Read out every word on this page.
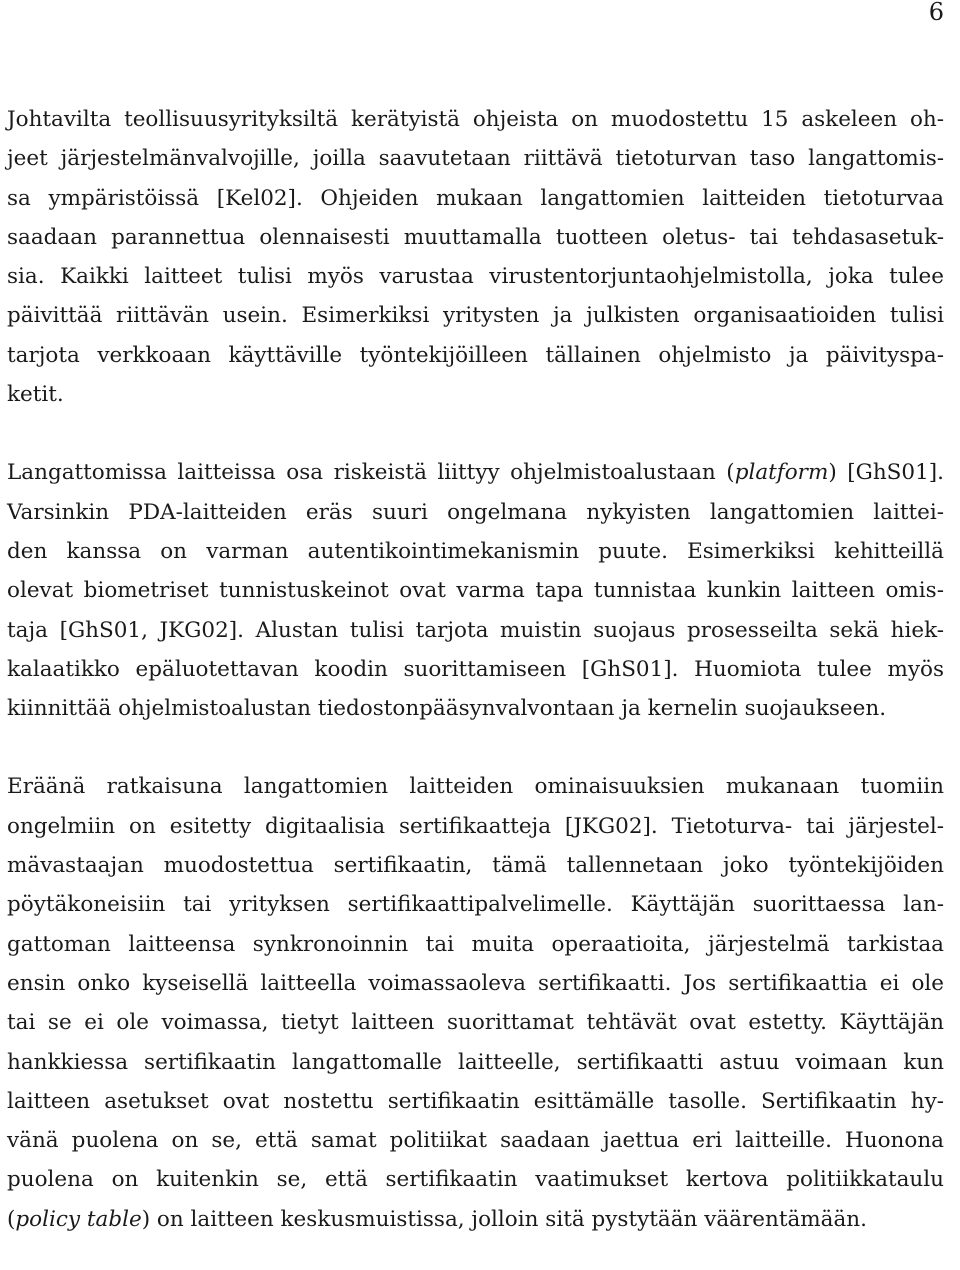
6

Johtavilta teollisuusyrityksiltä kerätyistä ohjeista on muodostettu 15 askeleen oh-
jeet järjestelmänvalvojille, joilla saavutetaan riittävä tietoturvan taso langattomis-
sa ympäristöissä [Kel02]. Ohjeiden mukaan langattomien laitteiden tietoturvaa
saadaan parannettua olennaisesti muuttamalla tuotteen oletus- tai tehdasasetuk-
sia. Kaikki laitteet tulisi myös varustaa virustentorjuntaohjelmistolla, joka tulee
päivittää riittävän usein. Esimerkiksi yritysten ja julkisten organisaatioiden tulisi
tarjota verkkoaan käyttäville työntekijöilleen tällainen ohjelmisto ja päivityspa-
ketit.

Langattomissa laitteissa osa riskeistä liittyy ohjelmistoalustaan (platform) [GhS01].
Varsinkin PDA-laitteiden eräs suuri ongelmana nykyisten langattomien laittei-
den kanssa on varman autentikointimekanismin puute. Esimerkiksi kehitteillä
olevat biometriset tunnistuskeinot ovat varma tapa tunnistaa kunkin laitteen omis-
taja [GhS01, JKG02]. Alustan tulisi tarjota muistin suojaus prosesseilta sekä hiek-
kalaatikko epäluotettavan koodin suorittamiseen [GhS01]. Huomiota tulee myös
kiinnittää ohjelmistoalustan tiedostonpääsynvalvontaan ja kernelin suojaukseen.

Eräänä ratkaisuna langattomien laitteiden ominaisuuksien mukanaan tuomiin
ongelmiin on esitetty digitaalisia sertifikaatteja [JKG02]. Tietoturva- tai järjestel-
mävastaajan muodostettua sertifikaatin, tämä tallennetaan joko työntekijöiden
pöytäkoneisiin tai yrityksen sertifikaattipalvelimelle. Käyttäjän suorittaessa lan-
gattoman laitteensa synkronoinnin tai muita operaatioita, järjestelmä tarkistaa
ensin onko kyseisellä laitteella voimassaoleva sertifikaatti. Jos sertifikaattia ei ole
tai se ei ole voimassa, tietyt laitteen suorittamat tehtävät ovat estetty. Käyttäjän
hankkiessa sertifikaatin langattomalle laitteelle, sertifikaatti astuu voimaan kun
laitteen asetukset ovat nostettu sertifikaatin esittämälle tasolle. Sertifikaatin hy-
vänä puolena on se, että samat politiikat saadaan jaettua eri laitteille. Huonona
puolena on kuitenkin se, että sertifikaatin vaatimukset kertova politiikkataulu
(policy table) on laitteen keskusmuistissa, jolloin sitä pystytään väärentämään.
